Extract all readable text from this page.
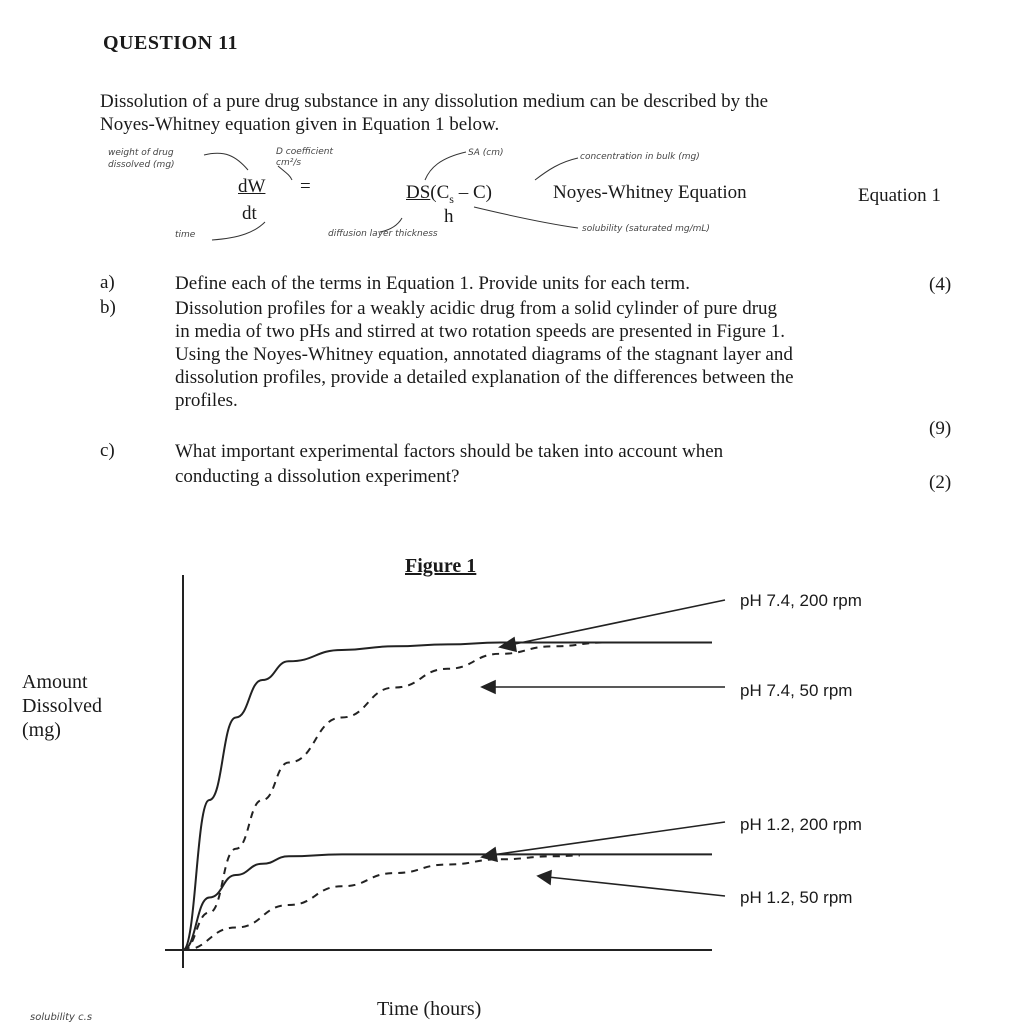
QUESTION 11
Dissolution of a pure drug substance in any dissolution medium can be described by the
Noyes-Whitney equation given in Equation 1 below.
dW
dt
=	$DS(C_s - C)$
h
Noyes-Whitney Equation	Equation 1
weight of drug
dissolved (mg)
D coefficient
cm²/s
SA (cm)	concentration in bulk (mg)
time	diffusion layer thickness	solubility (saturated mg/mL)
a)	Define each of the terms in Equation 1. Provide units for each term.	(4)
b)	Dissolution profiles for a weakly acidic drug from a solid cylinder of pure drug
in media of two pHs and stirred at two rotation speeds are presented in Figure 1.
Using the Noyes-Whitney equation, annotated diagrams of the stagnant layer and
dissolution profiles, provide a detailed explanation of the differences between the
profiles.
(9)
c)	What important experimental factors should be taken into account when
conducting a dissolution experiment?	(2)
Figure 1
Amount
Dissolved
(mg)
Time (hours)
pH 7.4, 200 rpm
pH 7.4, 50 rpm
pH 1.2, 200 rpm
pH 1.2, 50 rpm
solubility c.s
